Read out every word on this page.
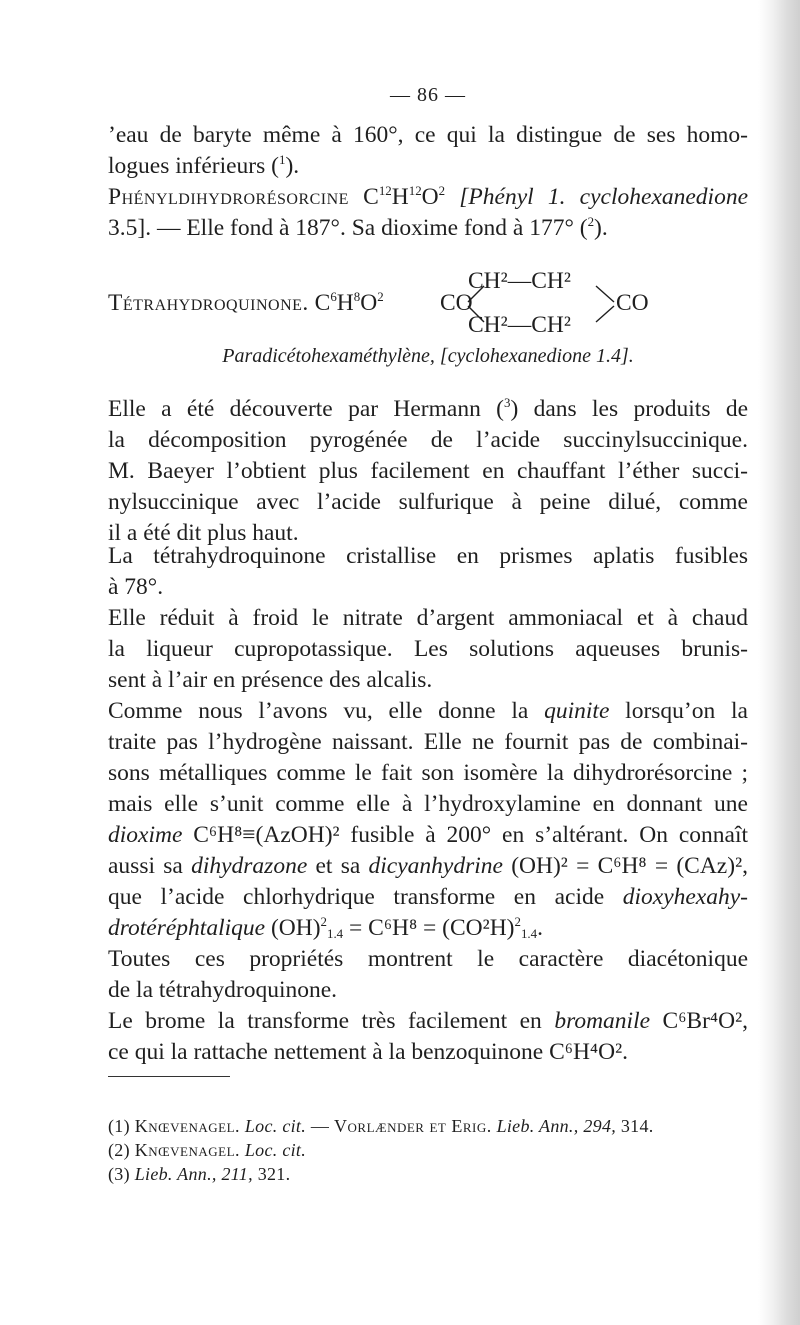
— 86 —
’eau de baryte même à 160°, ce qui la distingue de ses homo-
logues inférieurs ($^1$).
Phényldihydrorésorcine $C^{12}H^{12}O^2$ [Phényl 1. cyclohexanedione
3.5]. — Elle fond à 187°. Sa dioxime fond à 177° ($^2$).
Tétrahydroquinone. $C^6H^8O^2$ CO
CH²—CH²
CH²—CH²
CO
Paradicétohexaméthylène, [cyclohexanedione 1.4].
Elle a été découverte par Hermann ($^3$) dans les produits de
la décomposition pyrogénée de l’acide succinylsuccinique.
M. Baeyer l’obtient plus facilement en chauffant l’éther succi-
nylsuccinique avec l’acide sulfurique à peine dilué, comme
il a été dit plus haut.
La tétrahydroquinone cristallise en prismes aplatis fusibles
à 78°.
Elle réduit à froid le nitrate d’argent ammoniacal et à chaud
la liqueur cupropotassique. Les solutions aqueuses brunis-
sent à l’air en présence des alcalis.
Comme nous l’avons vu, elle donne la quinite lorsqu’on la
traite pas l’hydrogène naissant. Elle ne fournit pas de combinai-
sons métalliques comme le fait son isomère la dihydrorésorcine ;
mais elle s’unit comme elle à l’hydroxylamine en donnant une
dioxime C⁶H⁸≡(AzOH)² fusible à 200° en s’altérant. On connaît
aussi sa dihydrazone et sa dicyanhydrine (OH)² = C⁶H⁸ = (CAz)²,
que l’acide chlorhydrique transforme en acide dioxyhexahy-
drotéréphtalique $(OH)^2_{1.4} = C^6H^8 = (CO^2H)^2_{1.4}$.
Toutes ces propriétés montrent le caractère diacétonique
de la tétrahydroquinone.
Le brome la transforme très facilement en bromanile C⁶Br⁴O²,
ce qui la rattache nettement à la benzoquinone C⁶H⁴O².
(1) Knœvenagel. Loc. cit. — Vorlænder et Erig. Lieb. Ann., 294, 314.
(2) Knœvenagel. Loc. cit.
(3) Lieb. Ann., 211, 321.
